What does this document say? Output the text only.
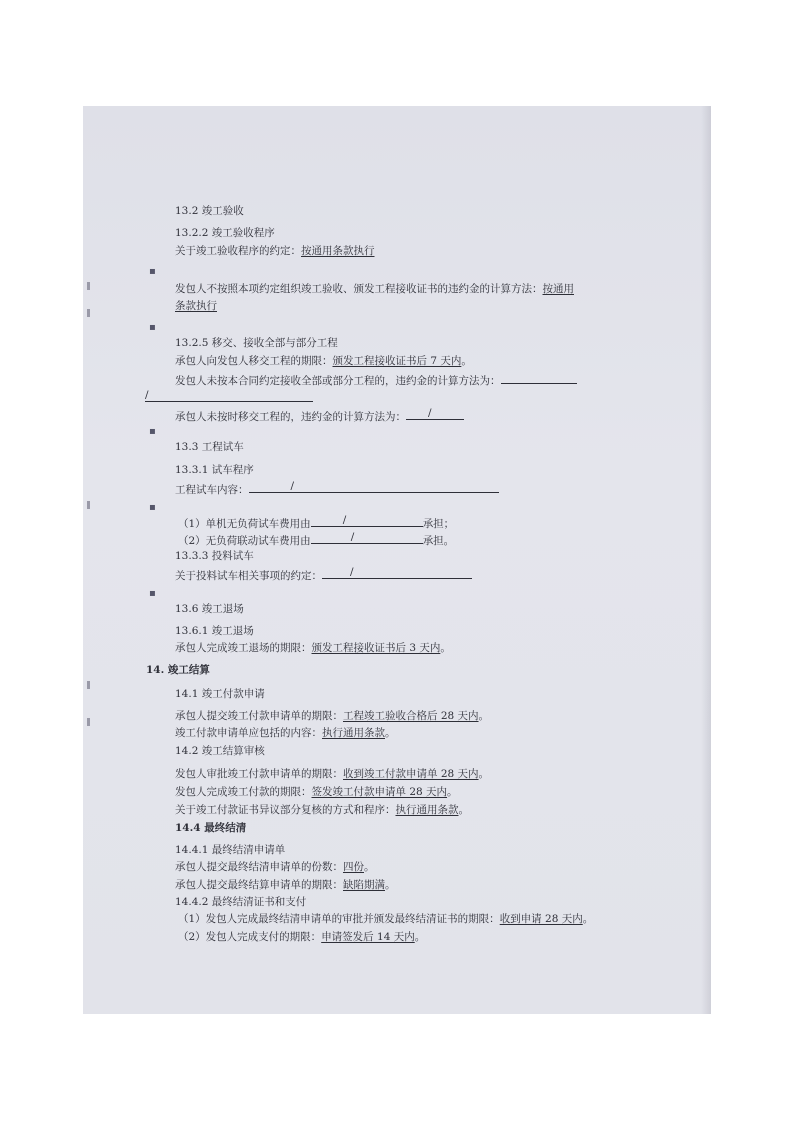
13.2 竣工验收
13.2.2 竣工验收程序
关于竣工验收程序的约定：按通用条款执行
▪
发包人不按照本项约定组织竣工验收、颁发工程接收证书的违约金的计算方法：按通用
条款执行
▪
13.2.5 移交、接收全部与部分工程
承包人向发包人移交工程的期限：颁发工程接收证书后 7 天内。
发包人未按本合同约定接收全部或部分工程的，违约金的计算方法为：
/
承包人未按时移交工程的，违约金的计算方法为： /
▪
13.3 工程试车
13.3.1 试车程序
工程试车内容：	/
▪
（1）单机无负荷试车费用由	/	承担；
（2）无负荷联动试车费用由	/	承担。
13.3.3 投料试车
关于投料试车相关事项的约定：	/
▪
13.6 竣工退场
13.6.1 竣工退场
承包人完成竣工退场的期限：颁发工程接收证书后 3 天内。
14. 竣工结算
14.1 竣工付款申请
承包人提交竣工付款申请单的期限：工程竣工验收合格后 28 天内。
竣工付款申请单应包括的内容：执行通用条款。
14.2 竣工结算审核
发包人审批竣工付款申请单的期限：收到竣工付款申请单 28 天内。
发包人完成竣工付款的期限：签发竣工付款申请单 28 天内。
关于竣工付款证书异议部分复核的方式和程序：执行通用条款。
14.4 最终结清
14.4.1 最终结清申请单
承包人提交最终结清申请单的份数：四份。
承包人提交最终结算申请单的期限：缺陷期满。
14.4.2 最终结清证书和支付
（1）发包人完成最终结清申请单的审批并颁发最终结清证书的期限：收到申请 28 天内。
（2）发包人完成支付的期限：申请签发后 14 天内。
